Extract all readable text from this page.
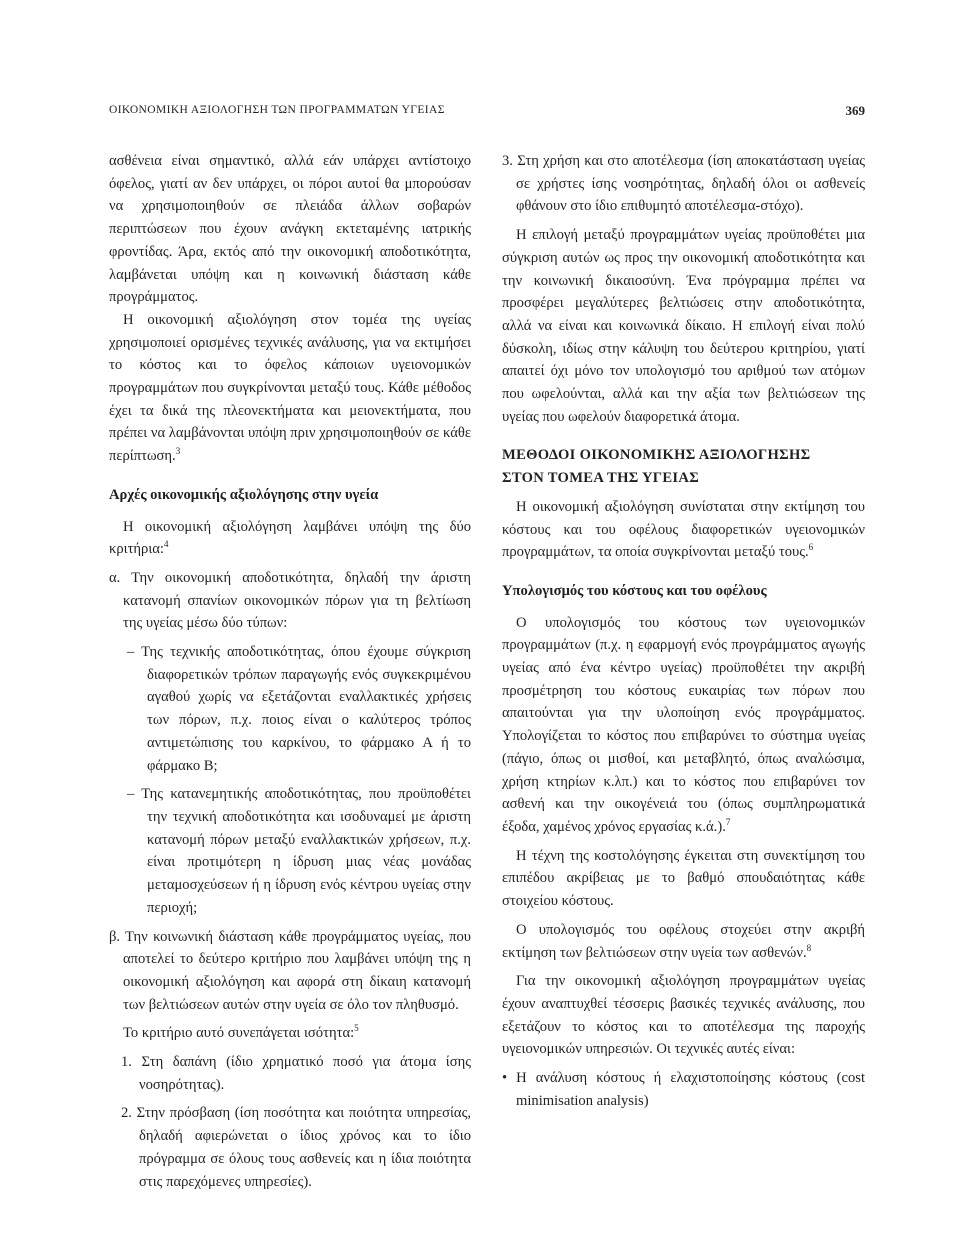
ΟΙΚΟΝΟΜΙΚΗ ΑΞΙΟΛΟΓΗΣΗ ΤΩΝ ΠΡΟΓΡΑΜΜΑΤΩΝ ΥΓΕΙΑΣ	369

ασθένεια είναι σημαντικό, αλλά εάν υπάρχει αντίστοιχο όφελος, γιατί αν δεν υπάρχει, οι πόροι αυτοί θα μπορούσαν να χρησιμοποιηθούν σε πλειάδα άλλων σοβαρών περιπτώσεων που έχουν ανάγκη εκτεταμένης ιατρικής φροντίδας. Άρα, εκτός από την οικονομική αποδοτικότητα, λαμβάνεται υπόψη και η κοινωνική διάσταση κάθε προγράμματος.

Η οικονομική αξιολόγηση στον τομέα της υγείας χρησιμοποιεί ορισμένες τεχνικές ανάλυσης, για να εκτιμήσει το κόστος και το όφελος κάποιων υγειονομικών προγραμμάτων που συγκρίνονται μεταξύ τους. Κάθε μέθοδος έχει τα δικά της πλεονεκτήματα και μειονεκτήματα, που πρέπει να λαμβάνονται υπόψη πριν χρησιμοποιηθούν σε κάθε περίπτωση.$^3$

Αρχές οικονομικής αξιολόγησης στην υγεία

Η οικονομική αξιολόγηση λαμβάνει υπόψη της δύο κριτήρια:$^4$

α. Την οικονομική αποδοτικότητα, δηλαδή την άριστη κατανομή σπανίων οικονομικών πόρων για τη βελτίωση της υγείας μέσω δύο τύπων:

– Της τεχνικής αποδοτικότητας, όπου έχουμε σύγκριση διαφορετικών τρόπων παραγωγής ενός συγκεκριμένου αγαθού χωρίς να εξετάζονται εναλλακτικές χρήσεις των πόρων, π.χ. ποιος είναι ο καλύτερος τρόπος αντιμετώπισης του καρκίνου, το φάρμακο Α ή το φάρμακο Β;

– Της κατανεμητικής αποδοτικότητας, που προϋποθέτει την τεχνική αποδοτικότητα και ισοδυναμεί με άριστη κατανομή πόρων μεταξύ εναλλακτικών χρήσεων, π.χ. είναι προτιμότερη η ίδρυση μιας νέας μονάδας μεταμοσχεύσεων ή η ίδρυση ενός κέντρου υγείας στην περιοχή;

β. Την κοινωνική διάσταση κάθε προγράμματος υγείας, που αποτελεί το δεύτερο κριτήριο που λαμβάνει υπόψη της η οικονομική αξιολόγηση και αφορά στη δίκαιη κατανομή των βελτιώσεων αυτών στην υγεία σε όλο τον πληθυσμό.

Το κριτήριο αυτό συνεπάγεται ισότητα:$^5$

1. Στη δαπάνη (ίδιο χρηματικό ποσό για άτομα ίσης νοσηρότητας).

2. Στην πρόσβαση (ίση ποσότητα και ποιότητα υπηρεσίας, δηλαδή αφιερώνεται ο ίδιος χρόνος και το ίδιο πρόγραμμα σε όλους τους ασθενείς και η ίδια ποιότητα στις παρεχόμενες υπηρεσίες).

3. Στη χρήση και στο αποτέλεσμα (ίση αποκατάσταση υγείας σε χρήστες ίσης νοσηρότητας, δηλαδή όλοι οι ασθενείς φθάνουν στο ίδιο επιθυμητό αποτέλεσμα-στόχο).

Η επιλογή μεταξύ προγραμμάτων υγείας προϋποθέτει μια σύγκριση αυτών ως προς την οικονομική αποδοτικότητα και την κοινωνική δικαιοσύνη. Ένα πρόγραμμα πρέπει να προσφέρει μεγαλύτερες βελτιώσεις στην αποδοτικότητα, αλλά να είναι και κοινωνικά δίκαιο. Η επιλογή είναι πολύ δύσκολη, ιδίως στην κάλυψη του δεύτερου κριτηρίου, γιατί απαιτεί όχι μόνο τον υπολογισμό του αριθμού των ατόμων που ωφελούνται, αλλά και την αξία των βελτιώσεων της υγείας που ωφελούν διαφορετικά άτομα.

ΜΕΘΟΔΟΙ ΟΙΚΟΝΟΜΙΚΗΣ ΑΞΙΟΛΟΓΗΣΗΣ
ΣΤΟΝ ΤΟΜΕΑ ΤΗΣ ΥΓΕΙΑΣ

Η οικονομική αξιολόγηση συνίσταται στην εκτίμηση του κόστους και του οφέλους διαφορετικών υγειονομικών προγραμμάτων, τα οποία συγκρίνονται μεταξύ τους.$^6$

Υπολογισμός του κόστους και του οφέλους

Ο υπολογισμός του κόστους των υγειονομικών προγραμμάτων (π.χ. η εφαρμογή ενός προγράμματος αγωγής υγείας από ένα κέντρο υγείας) προϋποθέτει την ακριβή προσμέτρηση του κόστους ευκαιρίας των πόρων που απαιτούνται για την υλοποίηση ενός προγράμματος. Υπολογίζεται το κόστος που επιβαρύνει το σύστημα υγείας (πάγιο, όπως οι μισθοί, και μεταβλητό, όπως αναλώσιμα, χρήση κτηρίων κ.λπ.) και το κόστος που επιβαρύνει τον ασθενή και την οικογένειά του (όπως συμπληρωματικά έξοδα, χαμένος χρόνος εργασίας κ.ά.).$^7$

Η τέχνη της κοστολόγησης έγκειται στη συνεκτίμηση του επιπέδου ακρίβειας με το βαθμό σπουδαιότητας κάθε στοιχείου κόστους.

Ο υπολογισμός του οφέλους στοχεύει στην ακριβή εκτίμηση των βελτιώσεων στην υγεία των ασθενών.$^8$

Για την οικονομική αξιολόγηση προγραμμάτων υγείας έχουν αναπτυχθεί τέσσερις βασικές τεχνικές ανάλυσης, που εξετάζουν το κόστος και το αποτέλεσμα της παροχής υγειονομικών υπηρεσιών. Οι τεχνικές αυτές είναι:

• Η ανάλυση κόστους ή ελαχιστοποίησης κόστους (cost minimisation analysis)
